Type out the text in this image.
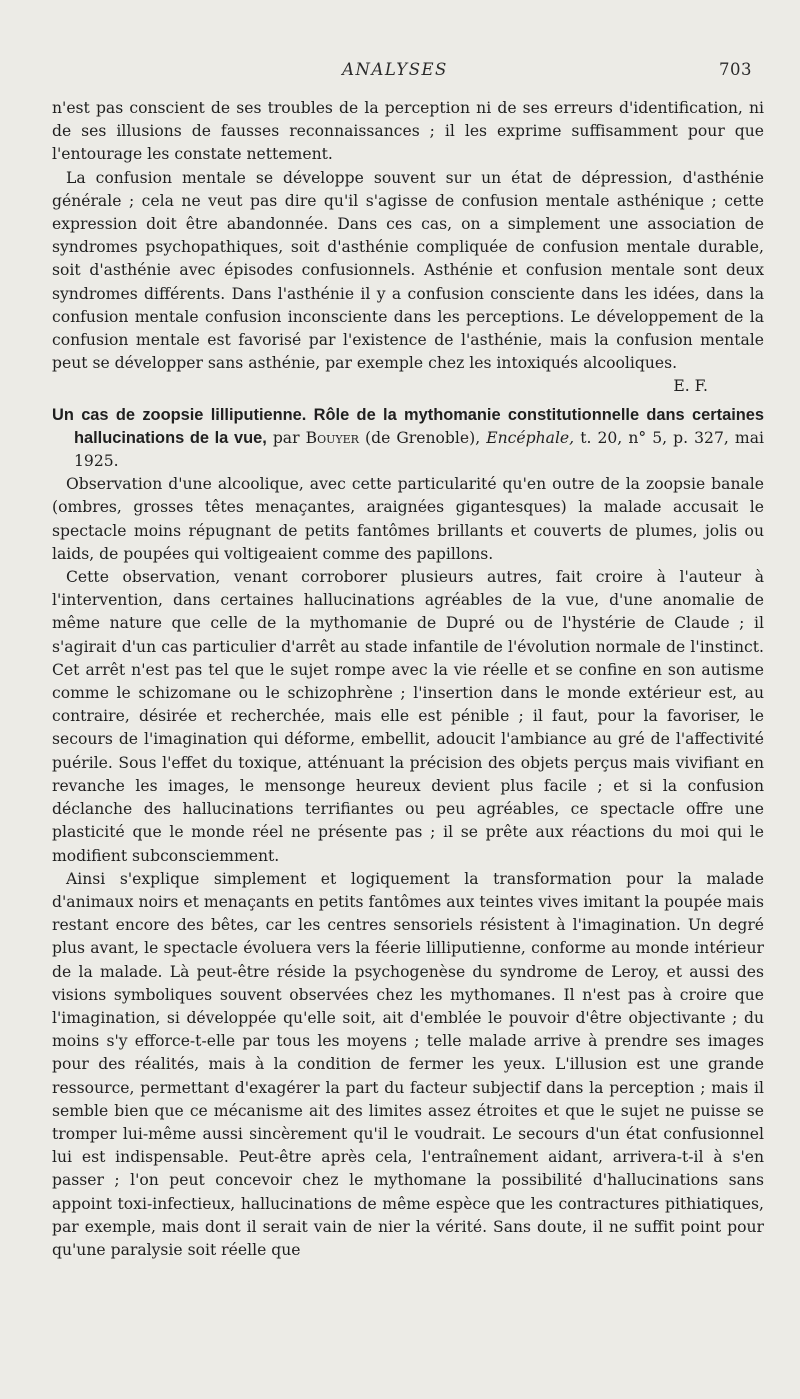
ANALYSES	703

n'est pas conscient de ses troubles de la perception ni de ses erreurs d'identification, ni de ses illusions de fausses reconnaissances ; il les exprime suffisamment pour que l'entourage les constate nettement.

La confusion mentale se développe souvent sur un état de dépression, d'asthénie générale ; cela ne veut pas dire qu'il s'agisse de confusion mentale asthénique ; cette expression doit être abandonnée. Dans ces cas, on a simplement une association de syndromes psychopathiques, soit d'asthénie compliquée de confusion mentale durable, soit d'asthénie avec épisodes confusionnels. Asthénie et confusion mentale sont deux syndromes différents. Dans l'asthénie il y a confusion consciente dans les idées, dans la confusion mentale confusion inconsciente dans les perceptions. Le développement de la confusion mentale est favorisé par l'existence de l'asthénie, mais la confusion mentale peut se développer sans asthénie, par exemple chez les intoxiqués alcooliques.

E. F.

Un cas de zoopsie lilliputienne. Rôle de la mythomanie constitutionnelle dans certaines hallucinations de la vue, par Bouyer (de Grenoble), Encéphale, t. 20, n° 5, p. 327, mai 1925.

Observation d'une alcoolique, avec cette particularité qu'en outre de la zoopsie banale (ombres, grosses têtes menaçantes, araignées gigantesques) la malade accusait le spectacle moins répugnant de petits fantômes brillants et couverts de plumes, jolis ou laids, de poupées qui voltigeaient comme des papillons.

Cette observation, venant corroborer plusieurs autres, fait croire à l'auteur à l'intervention, dans certaines hallucinations agréables de la vue, d'une anomalie de même nature que celle de la mythomanie de Dupré ou de l'hystérie de Claude ; il s'agirait d'un cas particulier d'arrêt au stade infantile de l'évolution normale de l'instinct. Cet arrêt n'est pas tel que le sujet rompe avec la vie réelle et se confine en son autisme comme le schizomane ou le schizophrène ; l'insertion dans le monde extérieur est, au contraire, désirée et recherchée, mais elle est pénible ; il faut, pour la favoriser, le secours de l'imagination qui déforme, embellit, adoucit l'ambiance au gré de l'affectivité puérile. Sous l'effet du toxique, atténuant la précision des objets perçus mais vivifiant en revanche les images, le mensonge heureux devient plus facile ; et si la confusion déclanche des hallucinations terrifiantes ou peu agréables, ce spectacle offre une plasticité que le monde réel ne présente pas ; il se prête aux réactions du moi qui le modifient subconsciemment.

Ainsi s'explique simplement et logiquement la transformation pour la malade d'animaux noirs et menaçants en petits fantômes aux teintes vives imitant la poupée mais restant encore des bêtes, car les centres sensoriels résistent à l'imagination. Un degré plus avant, le spectacle évoluera vers la féerie lilliputienne, conforme au monde intérieur de la malade. Là peut-être réside la psychogenèse du syndrome de Leroy, et aussi des visions symboliques souvent observées chez les mythomanes. Il n'est pas à croire que l'imagination, si développée qu'elle soit, ait d'emblée le pouvoir d'être objectivante ; du moins s'y efforce-t-elle par tous les moyens ; telle malade arrive à prendre ses images pour des réalités, mais à la condition de fermer les yeux. L'illusion est une grande ressource, permettant d'exagérer la part du facteur subjectif dans la perception ; mais il semble bien que ce mécanisme ait des limites assez étroites et que le sujet ne puisse se tromper lui-même aussi sincèrement qu'il le voudrait. Le secours d'un état confusionnel lui est indispensable. Peut-être après cela, l'entraînement aidant, arrivera-t-il à s'en passer ; l'on peut concevoir chez le mythomane la possibilité d'hallucinations sans appoint toxi-infectieux, hallucinations de même espèce que les contractures pithiatiques, par exemple, mais dont il serait vain de nier la vérité. Sans doute, il ne suffit point pour qu'une paralysie soit réelle que
